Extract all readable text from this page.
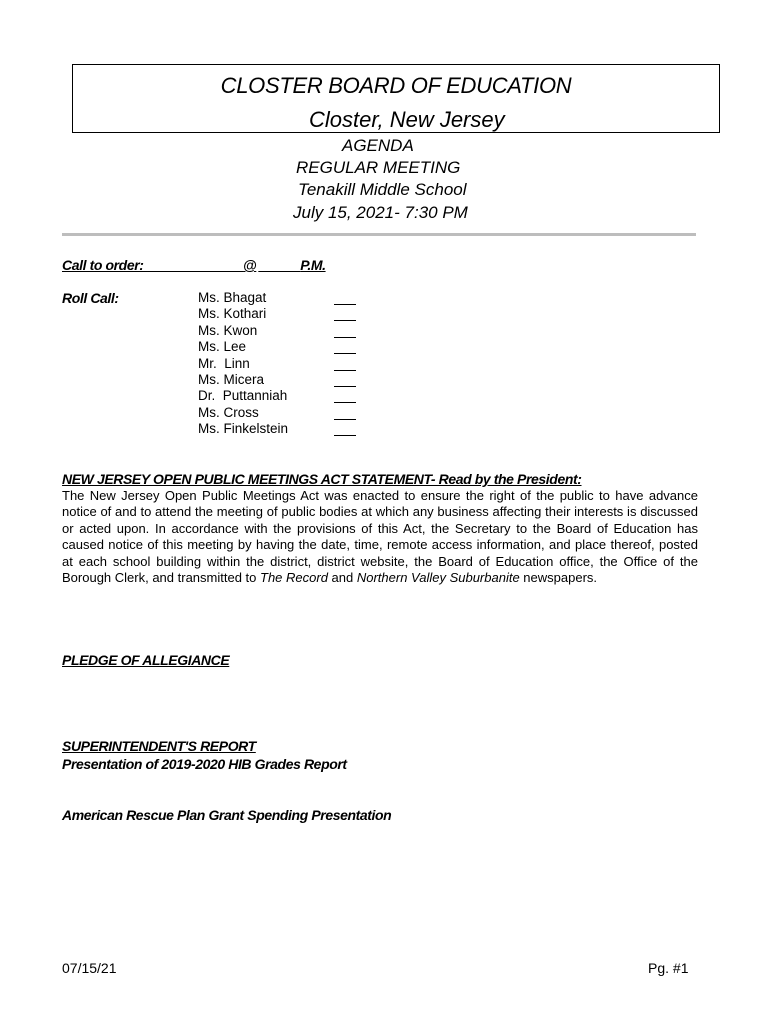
CLOSTER BOARD OF EDUCATION
Closter, New Jersey
AGENDA
REGULAR MEETING
Tenakill Middle School
July 15, 2021- 7:30 PM
Call to order: _____________@	P.M.
Roll Call:	Ms. Bhagat
Ms. Kothari
Ms. Kwon
Ms. Lee
Mr.  Linn
Ms. Micera
Dr.  Puttanniah
Ms. Cross
Ms. Finkelstein
NEW JERSEY OPEN PUBLIC MEETINGS ACT STATEMENT- Read by the President:
The New Jersey Open Public Meetings Act was enacted to ensure the right of the public to have advance notice of and to attend the meeting of public bodies at which any business affecting their interests is discussed or acted upon. In accordance with the provisions of this Act, the Secretary to the Board of Education has caused notice of this meeting by having the date, time, remote access information, and place thereof, posted at each school building within the district, district website, the Board of Education office, the Office of the Borough Clerk, and transmitted to The Record and Northern Valley Suburbanite newspapers.
PLEDGE OF ALLEGIANCE
SUPERINTENDENT'S REPORT
Presentation of 2019-2020 HIB Grades Report
American Rescue Plan Grant Spending Presentation
07/15/21	Pg. #1
